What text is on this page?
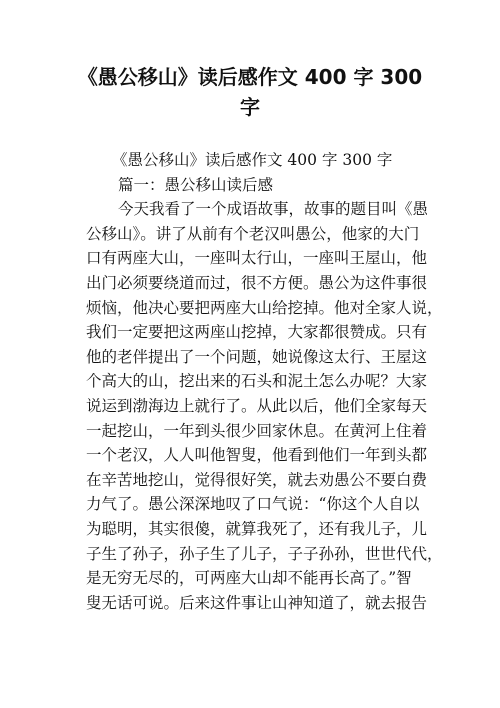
《愚公移山》读后感作文 400 字 300
字

《愚公移山》读后感作文 400 字 300 字

篇一：愚公移山读后感

今天我看了一个成语故事，故事的题目叫《愚

公移山》。讲了从前有个老汉叫愚公，他家的大门

口有两座大山，一座叫太行山，一座叫王屋山，他

出门必须要绕道而过，很不方便。愚公为这件事很

烦恼，他决心要把两座大山给挖掉。他对全家人说，

我们一定要把这两座山挖掉，大家都很赞成。只有

他的老伴提出了一个问题，她说像这太行、王屋这

个高大的山，挖出来的石头和泥土怎么办呢？大家

说运到渤海边上就行了。从此以后，他们全家每天

一起挖山，一年到头很少回家休息。在黄河上住着

一个老汉，人人叫他智叟，他看到他们一年到头都

在辛苦地挖山，觉得很好笑，就去劝愚公不要白费

力气了。愚公深深地叹了口气说：“你这个人自以

为聪明，其实很傻，就算我死了，还有我儿子，儿

子生了孙子，孙子生了儿子，子子孙孙，世世代代，

是无穷无尽的，可两座大山却不能再长高了。”智

叟无话可说。后来这件事让山神知道了，就去报告
